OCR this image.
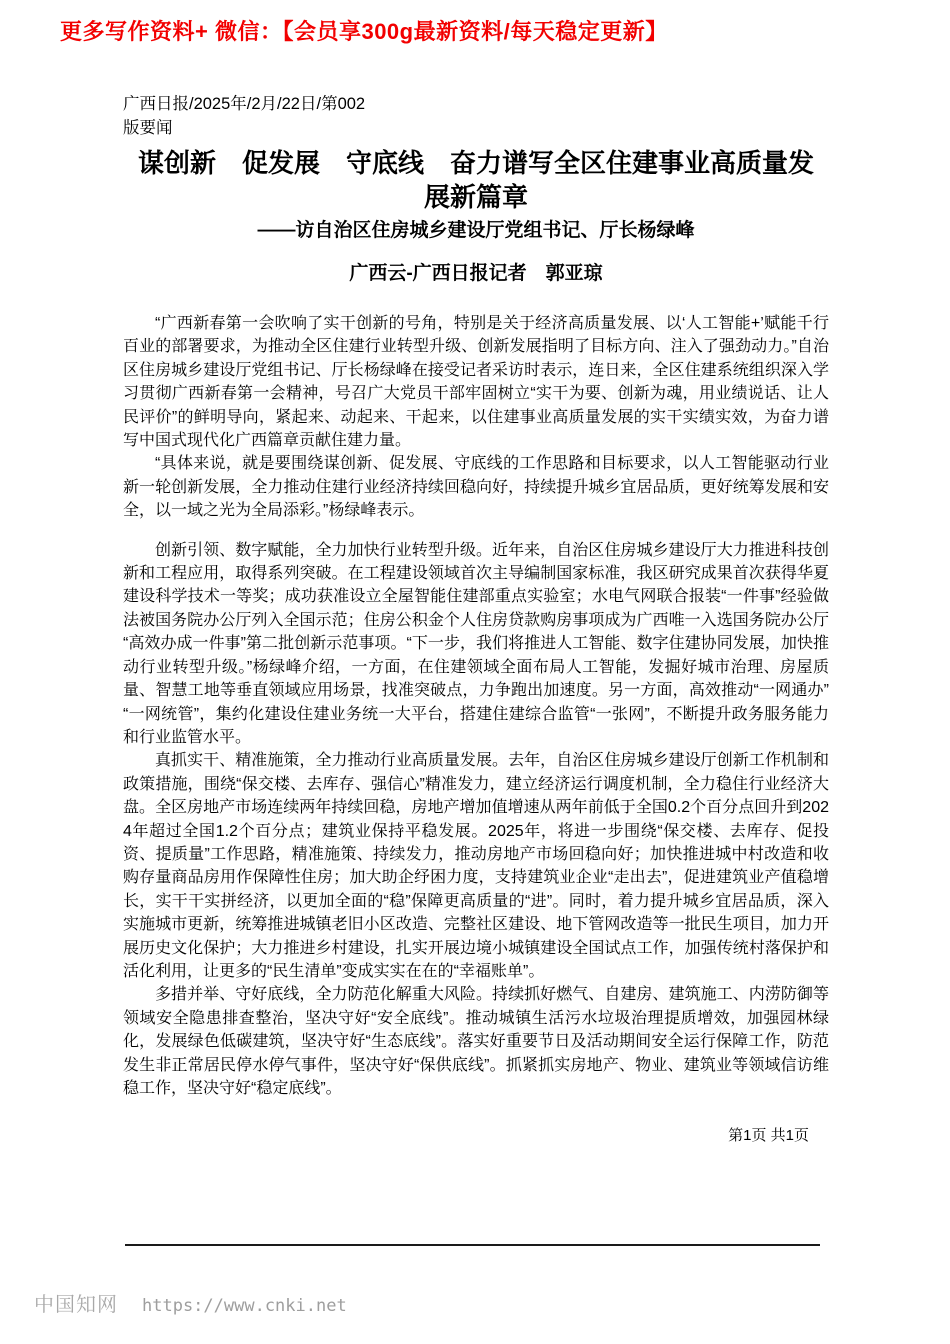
更多写作资料+ 微信：【会员享300g最新资料/每天稳定更新】
广西日报/2025年/2月/22日/第002
版要闻
谋创新　促发展　守底线　奋力谱写全区住建事业高质量发
展新篇章
——访自治区住房城乡建设厅党组书记、厅长杨绿峰
广西云-广西日报记者　郭亚琼

“广西新春第一会吹响了实干创新的号角，特别是关于经济高质量发展、以‘人工智能+’赋能千行百业的部署要求，为推动全区住建行业转型升级、创新发展指明了目标方向、注入了强劲动力。”自治区住房城乡建设厅党组书记、厅长杨绿峰在接受记者采访时表示，连日来，全区住建系统组织深入学习贯彻广西新春第一会精神，号召广大党员干部牢固树立“实干为要、创新为魂，用业绩说话、让人民评价”的鲜明导向，紧起来、动起来、干起来，以住建事业高质量发展的实干实绩实效，为奋力谱写中国式现代化广西篇章贡献住建力量。

“具体来说，就是要围绕谋创新、促发展、守底线的工作思路和目标要求，以人工智能驱动行业新一轮创新发展，全力推动住建行业经济持续回稳向好，持续提升城乡宜居品质，更好统筹发展和安全，以一域之光为全局添彩。”杨绿峰表示。

创新引领、数字赋能，全力加快行业转型升级。近年来，自治区住房城乡建设厅大力推进科技创新和工程应用，取得系列突破。在工程建设领域首次主导编制国家标准，我区研究成果首次获得华夏建设科学技术一等奖；成功获准设立全屋智能住建部重点实验室；水电气网联合报装“一件事”经验做法被国务院办公厅列入全国示范；住房公积金个人住房贷款购房事项成为广西唯一入选国务院办公厅“高效办成一件事”第二批创新示范事项。“下一步，我们将推进人工智能、数字住建协同发展，加快推动行业转型升级。”杨绿峰介绍，一方面，在住建领域全面布局人工智能，发掘好城市治理、房屋质量、智慧工地等垂直领域应用场景，找准突破点，力争跑出加速度。另一方面，高效推动“一网通办”“一网统管”，集约化建设住建业务统一大平台，搭建住建综合监管“一张网”，不断提升政务服务能力和行业监管水平。

真抓实干、精准施策，全力推动行业高质量发展。去年，自治区住房城乡建设厅创新工作机制和政策措施，围绕“保交楼、去库存、强信心”精准发力，建立经济运行调度机制，全力稳住行业经济大盘。全区房地产市场连续两年持续回稳，房地产增加值增速从两年前低于全国0.2个百分点回升到2024年超过全国1.2个百分点；建筑业保持平稳发展。2025年，将进一步围绕“保交楼、去库存、促投资、提质量”工作思路，精准施策、持续发力，推动房地产市场回稳向好；加快推进城中村改造和收购存量商品房用作保障性住房；加大助企纾困力度，支持建筑业企业“走出去”，促进建筑业产值稳增长，实干干实拼经济，以更加全面的“稳”保障更高质量的“进”。同时，着力提升城乡宜居品质，深入实施城市更新，统筹推进城镇老旧小区改造、完整社区建设、地下管网改造等一批民生项目，加力开展历史文化保护；大力推进乡村建设，扎实开展边境小城镇建设全国试点工作，加强传统村落保护和活化利用，让更多的“民生清单”变成实实在在的“幸福账单”。

多措并举、守好底线，全力防范化解重大风险。持续抓好燃气、自建房、建筑施工、内涝防御等领域安全隐患排查整治，坚决守好“安全底线”。推动城镇生活污水垃圾治理提质增效，加强园林绿化，发展绿色低碳建筑，坚决守好“生态底线”。落实好重要节日及活动期间安全运行保障工作，防范发生非正常居民停水停气事件，坚决守好“保供底线”。抓紧抓实房地产、物业、建筑业等领域信访维稳工作，坚决守好“稳定底线”。

第1页 共1页
中国知网 https://www.cnki.net
